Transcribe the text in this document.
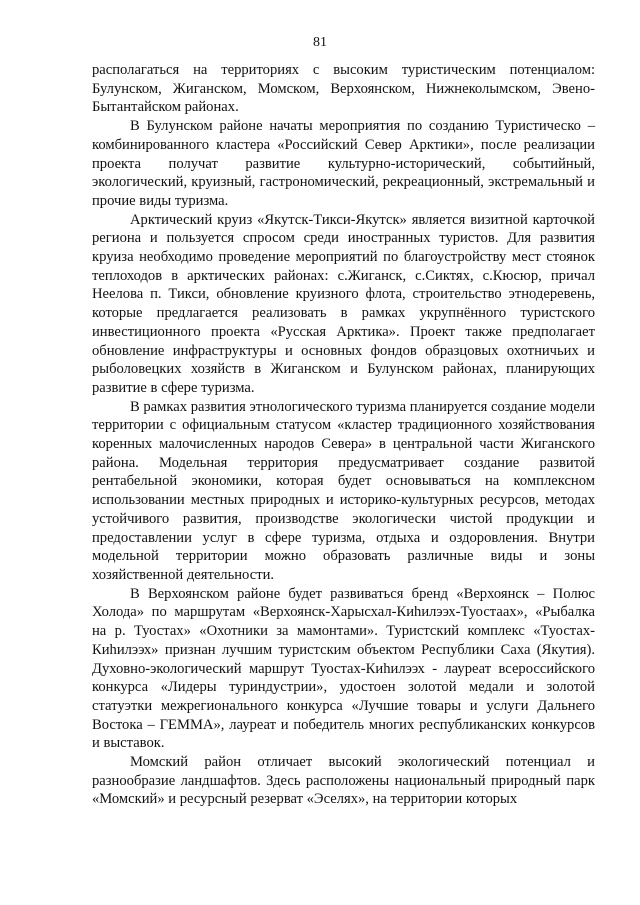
81

располагаться на территориях с высоким туристическим потенциалом: Булунском, Жиганском, Момском, Верхоянском, Нижнеколымском, Эвено-Бытантайском районах.

В Булунском районе начаты мероприятия по созданию Туристическо – комбинированного кластера «Российский Север Арктики», после реализации проекта получат развитие культурно-исторический, событийный, экологический, круизный, гастрономический, рекреационный, экстремальный и прочие виды туризма.

Арктический круиз «Якутск-Тикси-Якутск» является визитной карточкой региона и пользуется спросом среди иностранных туристов. Для развития круиза необходимо проведение мероприятий по благоустройству мест стоянок теплоходов в арктических районах: с.Жиганск, с.Сиктях, с.Кюсюр, причал Неелова п. Тикси, обновление круизного флота, строительство этнодеревень, которые предлагается реализовать в рамках укрупнённого туристского инвестиционного проекта «Русская Арктика». Проект также предполагает обновление инфраструктуры и основных фондов образцовых охотничьих и рыболовецких хозяйств в Жиганском и Булунском районах, планирующих развитие в сфере туризма.

В рамках развития этнологического туризма планируется создание модели территории с официальным статусом «кластер традиционного хозяйствования коренных малочисленных народов Севера» в центральной части Жиганского района. Модельная территория предусматривает создание развитой рентабельной экономики, которая будет основываться на комплексном использовании местных природных и историко-культурных ресурсов, методах устойчивого развития, производстве экологически чистой продукции и предоставлении услуг в сфере туризма, отдыха и оздоровления. Внутри модельной территории можно образовать различные виды и зоны хозяйственной деятельности.

В Верхоянском районе будет развиваться бренд «Верхоянск – Полюс Холода» по маршрутам «Верхоянск-Харысхал-Киhилээх-Туостаах», «Рыбалка на р. Туостах» «Охотники за мамонтами». Туристский комплекс «Туостах-Киhилээх» признан лучшим туристским объектом Республики Саха (Якутия). Духовно-экологический маршрут Туостах-Киhилээх - лауреат всероссийского конкурса «Лидеры туриндустрии», удостоен золотой медали и золотой статуэтки межрегионального конкурса «Лучшие товары и услуги Дальнего Востока – ГЕММА», лауреат и победитель многих республиканских конкурсов и выставок.

Момский район отличает высокий экологический потенциал и разнообразие ландшафтов. Здесь расположены национальный природный парк «Момский» и ресурсный резерват «Эселях», на территории которых
